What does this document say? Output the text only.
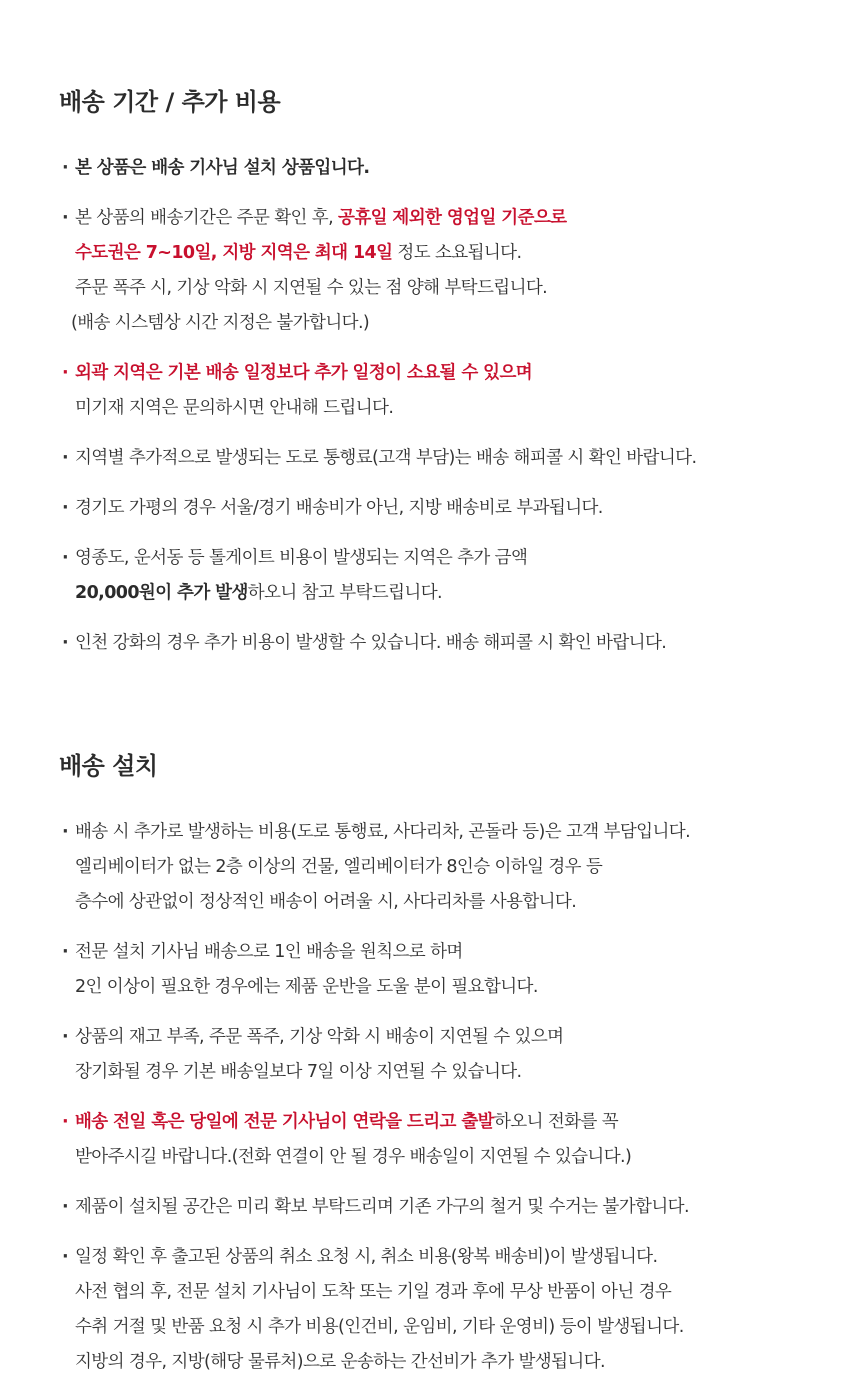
배송 기간 / 추가 비용
· 본 상품은 배송 기사님 설치 상품입니다.
· 본 상품의 배송기간은 주문 확인 후, 공휴일 제외한 영업일 기준으로
수도권은 7~10일, 지방 지역은 최대 14일 정도 소요됩니다.
주문 폭주 시, 기상 악화 시 지연될 수 있는 점 양해 부탁드립니다.
(배송 시스템상 시간 지정은 불가합니다.)
· 외곽 지역은 기본 배송 일정보다 추가 일정이 소요될 수 있으며
미기재 지역은 문의하시면 안내해 드립니다.
· 지역별 추가적으로 발생되는 도로 통행료(고객 부담)는 배송 해피콜 시 확인 바랍니다.
· 경기도 가평의 경우 서울/경기 배송비가 아닌, 지방 배송비로 부과됩니다.
· 영종도, 운서동 등 톨게이트 비용이 발생되는 지역은 추가 금액
20,000원이 추가 발생하오니 참고 부탁드립니다.
· 인천 강화의 경우 추가 비용이 발생할 수 있습니다. 배송 해피콜 시 확인 바랍니다.
배송 설치
· 배송 시 추가로 발생하는 비용(도로 통행료, 사다리차, 곤돌라 등)은 고객 부담입니다.
엘리베이터가 없는 2층 이상의 건물, 엘리베이터가 8인승 이하일 경우 등
층수에 상관없이 정상적인 배송이 어려울 시, 사다리차를 사용합니다.
· 전문 설치 기사님 배송으로 1인 배송을 원칙으로 하며
2인 이상이 필요한 경우에는 제품 운반을 도울 분이 필요합니다.
· 상품의 재고 부족, 주문 폭주, 기상 악화 시 배송이 지연될 수 있으며
장기화될 경우 기본 배송일보다 7일 이상 지연될 수 있습니다.
· 배송 전일 혹은 당일에 전문 기사님이 연락을 드리고 출발하오니 전화를 꼭
받아주시길 바랍니다.(전화 연결이 안 될 경우 배송일이 지연될 수 있습니다.)
· 제품이 설치될 공간은 미리 확보 부탁드리며 기존 가구의 철거 및 수거는 불가합니다.
· 일정 확인 후 출고된 상품의 취소 요청 시, 취소 비용(왕복 배송비)이 발생됩니다.
사전 협의 후, 전문 설치 기사님이 도착 또는 기일 경과 후에 무상 반품이 아닌 경우
수취 거절 및 반품 요청 시 추가 비용(인건비, 운임비, 기타 운영비) 등이 발생됩니다.
지방의 경우, 지방(해당 물류처)으로 운송하는 간선비가 추가 발생됩니다.
